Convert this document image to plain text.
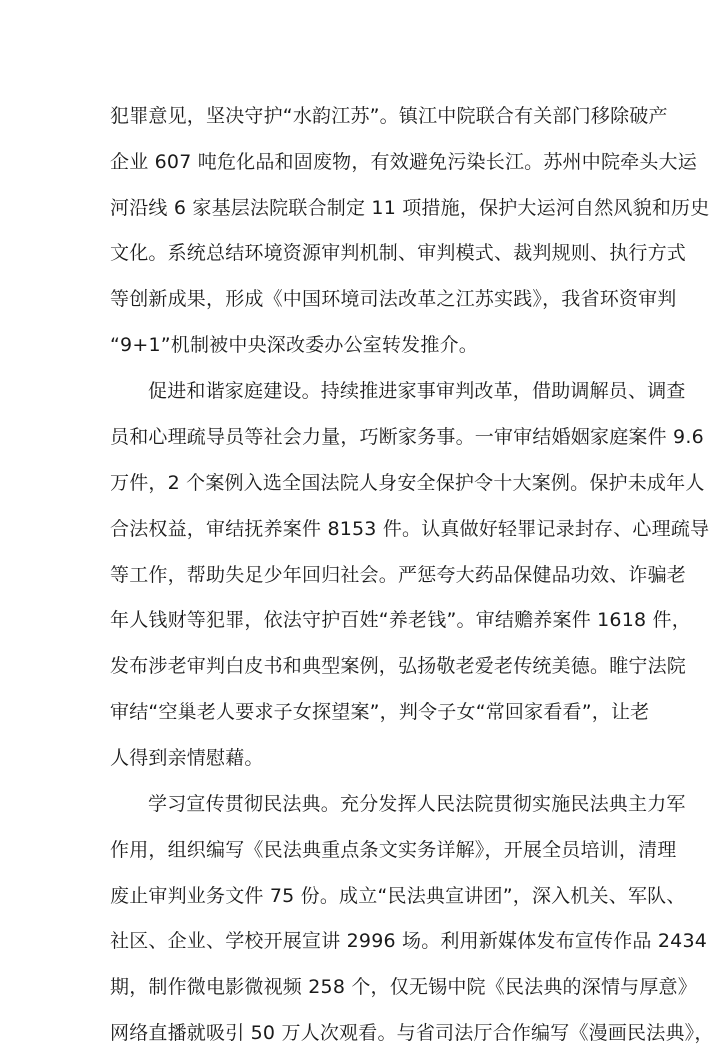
犯罪意见，坚决守护“水韵江苏”。镇江中院联合有关部门移除破产
企业 607 吨危化品和固废物，有效避免污染长江。苏州中院牵头大运
河沿线 6 家基层法院联合制定 11 项措施，保护大运河自然风貌和历史
文化。系统总结环境资源审判机制、审判模式、裁判规则、执行方式
等创新成果，形成《中国环境司法改革之江苏实践》，我省环资审判
“9+1”机制被中央深改委办公室转发推介。
促进和谐家庭建设。持续推进家事审判改革，借助调解员、调查
员和心理疏导员等社会力量，巧断家务事。一审审结婚姻家庭案件 9.6
万件，2 个案例入选全国法院人身安全保护令十大案例。保护未成年人
合法权益，审结抚养案件 8153 件。认真做好轻罪记录封存、心理疏导
等工作，帮助失足少年回归社会。严惩夸大药品保健品功效、诈骗老
年人钱财等犯罪，依法守护百姓“养老钱”。审结赡养案件 1618 件，
发布涉老审判白皮书和典型案例，弘扬敬老爱老传统美德。睢宁法院
审结“空巢老人要求子女探望案”，判令子女“常回家看看”，让老
人得到亲情慰藉。
学习宣传贯彻民法典。充分发挥人民法院贯彻实施民法典主力军
作用，组织编写《民法典重点条文实务详解》，开展全员培训，清理
废止审判业务文件 75 份。成立“民法典宣讲团”，深入机关、军队、
社区、企业、学校开展宣讲 2996 场。利用新媒体发布宣传作品 2434
期，制作微电影微视频 258 个，仅无锡中院《民法典的深情与厚意》
网络直播就吸引 50 万人次观看。与省司法厅合作编写《漫画民法典》，
